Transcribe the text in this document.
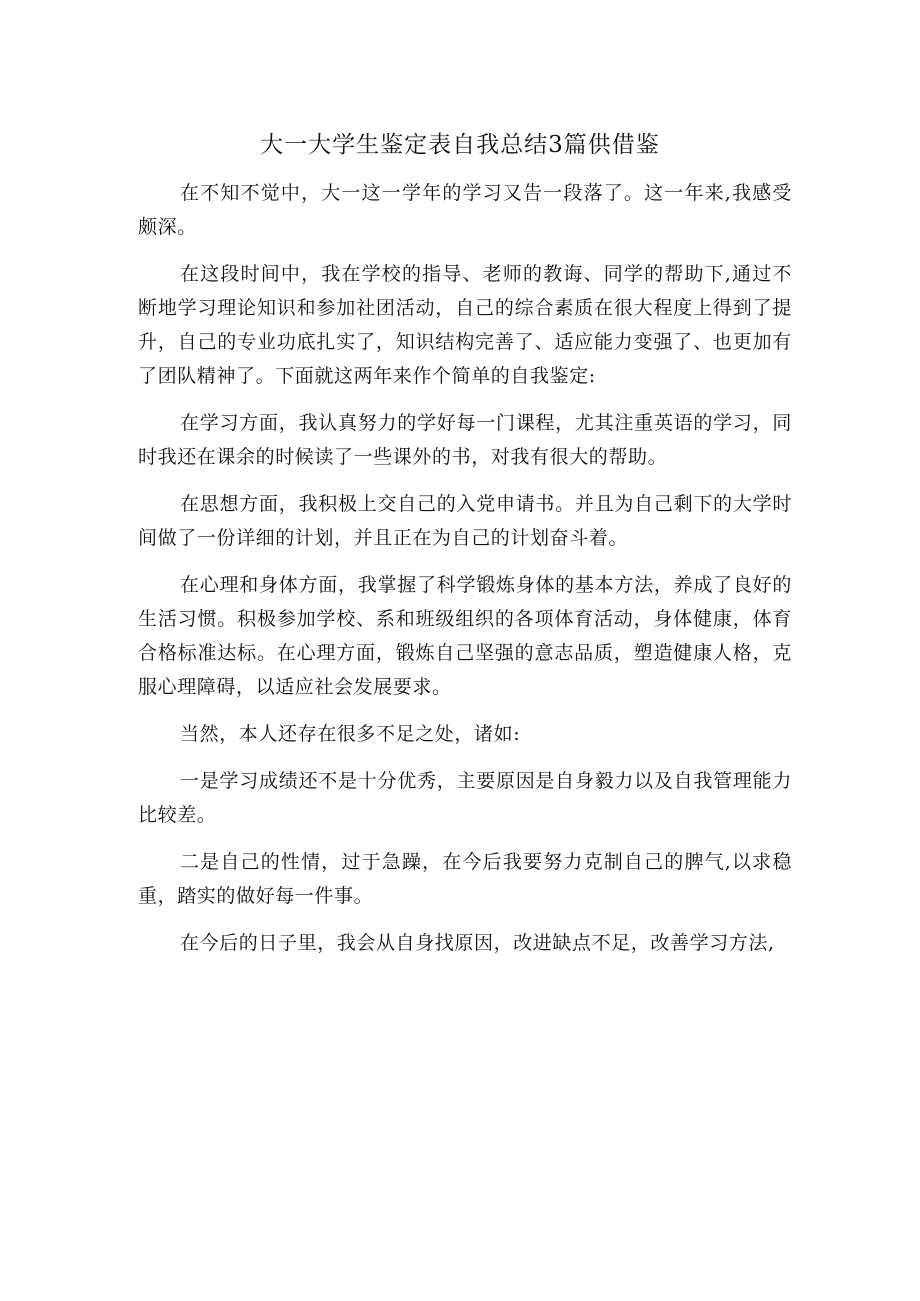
大一大学生鉴定表自我总结3篇供借鉴

在不知不觉中，大一这一学年的学习又告一段落了。这一年来,我感受颇深。

在这段时间中，我在学校的指导、老师的教诲、同学的帮助下,通过不断地学习理论知识和参加社团活动，自己的综合素质在很大程度上得到了提升，自己的专业功底扎实了，知识结构完善了、适应能力变强了、也更加有了团队精神了。下面就这两年来作个简单的自我鉴定:

在学习方面，我认真努力的学好每一门课程，尤其注重英语的学习，同时我还在课余的时候读了一些课外的书，对我有很大的帮助。

在思想方面，我积极上交自己的入党申请书。并且为自己剩下的大学时间做了一份详细的计划，并且正在为自己的计划奋斗着。

在心理和身体方面，我掌握了科学锻炼身体的基本方法，养成了良好的生活习惯。积极参加学校、系和班级组织的各项体育活动，身体健康，体育合格标准达标。在心理方面，锻炼自己坚强的意志品质，塑造健康人格，克服心理障碍，以适应社会发展要求。

当然，本人还存在很多不足之处，诸如:

一是学习成绩还不是十分优秀，主要原因是自身毅力以及自我管理能力比较差。

二是自己的性情，过于急躁，在今后我要努力克制自己的脾气,以求稳重，踏实的做好每一件事。

在今后的日子里，我会从自身找原因，改进缺点不足，改善学习方法,
